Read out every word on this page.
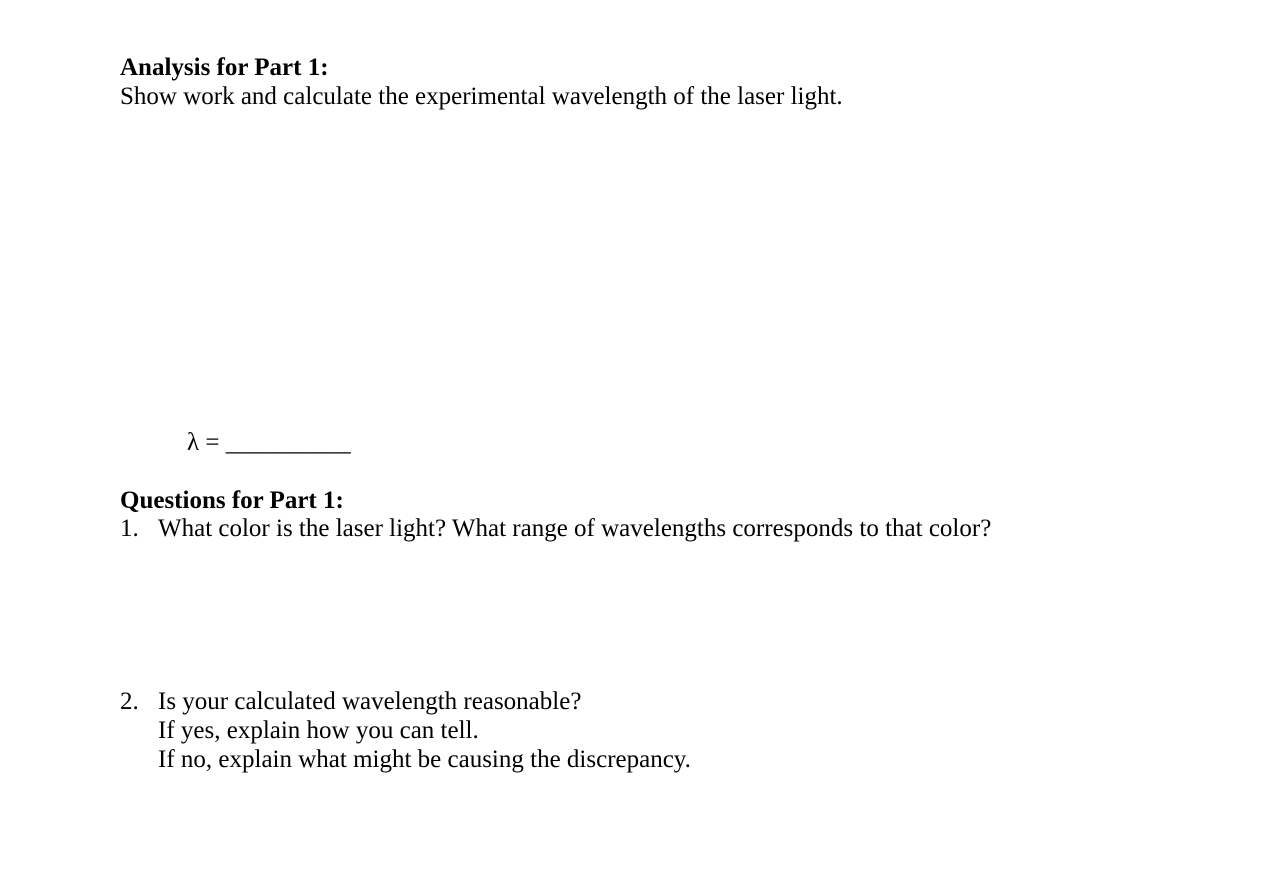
Analysis for Part 1:
Show work and calculate the experimental wavelength of the laser light.
λ = __________
Questions for Part 1:
1. What color is the laser light? What range of wavelengths corresponds to that color?
2. Is your calculated wavelength reasonable?
If yes, explain how you can tell.
If no, explain what might be causing the discrepancy.
